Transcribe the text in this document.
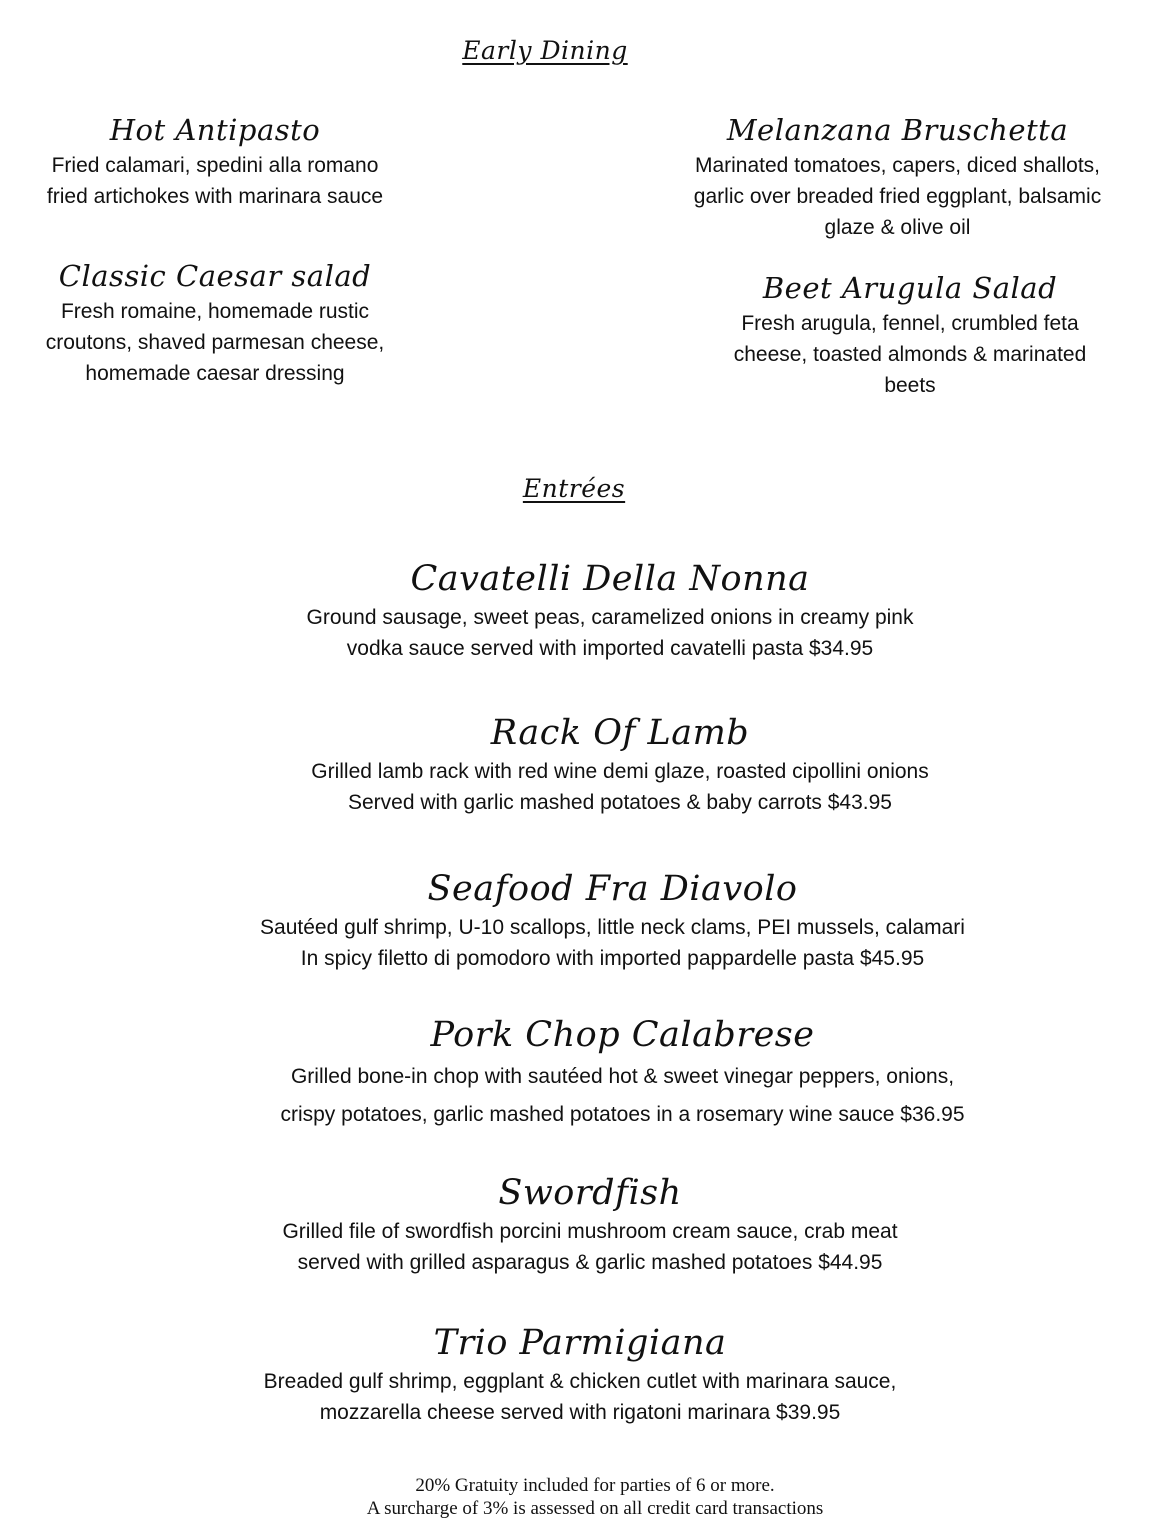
Early Dining
Hot Antipasto

Fried calamari, spedini alla romano
fried artichokes with marinara sauce

Melanzana Bruschetta

Marinated tomatoes, capers, diced shallots,
garlic over breaded fried eggplant, balsamic
glaze & olive oil

Classic Caesar salad

Fresh romaine, homemade rustic
croutons, shaved parmesan cheese,
homemade caesar dressing

Beet Arugula Salad

Fresh arugula, fennel, crumbled feta
cheese, toasted almonds & marinated
beets

Entrées
Cavatelli Della Nonna

Ground sausage, sweet peas, caramelized onions in creamy pink
vodka sauce served with imported cavatelli pasta $34.95

Rack Of Lamb

Grilled lamb rack with red wine demi glaze, roasted cipollini onions
Served with garlic mashed potatoes & baby carrots $43.95

Seafood Fra Diavolo

Sautéed gulf shrimp, U-10 scallops, little neck clams, PEI mussels, calamari
In spicy filetto di pomodoro with imported pappardelle pasta $45.95

Pork Chop Calabrese

Grilled bone-in chop with sautéed hot & sweet vinegar peppers, onions,
crispy potatoes, garlic mashed potatoes in a rosemary wine sauce $36.95

Swordfish

Grilled file of swordfish porcini mushroom cream sauce, crab meat
served with grilled asparagus & garlic mashed potatoes $44.95

Trio Parmigiana

Breaded gulf shrimp, eggplant & chicken cutlet with marinara sauce,
mozzarella cheese served with rigatoni marinara $39.95

20% Gratuity included for parties of 6 or more.
A surcharge of 3% is assessed on all credit card transactions
